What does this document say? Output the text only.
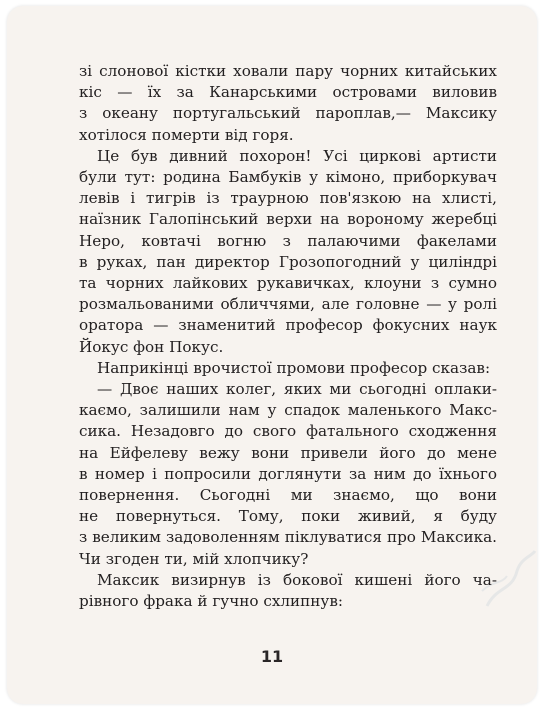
зі слонової кістки ховали пару чорних китайських
кіс — їх за Канарськими островами виловив
з океану португальський пароплав,— Максику
хотілося померти від горя.
Це був дивний похорон! Усі циркові артисти
були тут: родина Бамбуків у кімоно, приборкувач
левів і тигрів із траурною пов'язкою на хлисті,
наїзник Галопінський верхи на вороному жеребці
Неро, ковтачі вогню з палаючими факелами
в руках, пан директор Грозопогодний у циліндрі
та чорних лайкових рукавичках, клоуни з сумно
розмальованими обличчями, але головне — у ролі
оратора — знаменитий професор фокусних наук
Йокус фон Покус.
Наприкінці врочистої промови професор сказав:
— Двоє наших колег, яких ми сьогодні оплаки-
каємо, залишили нам у спадок маленького Макс-
сика. Незадовго до свого фатального сходження
на Ейфелеву вежу вони привели його до мене
в номер і попросили доглянути за ним до їхнього
повернення. Сьогодні ми знаємо, що вони
не повернуться. Тому, поки живий, я буду
з великим задоволенням піклуватися про Максика.
Чи згоден ти, мій хлопчику?
Максик визирнув із бокової кишені його ча-
рівного фрака й гучно схлипнув:
11
